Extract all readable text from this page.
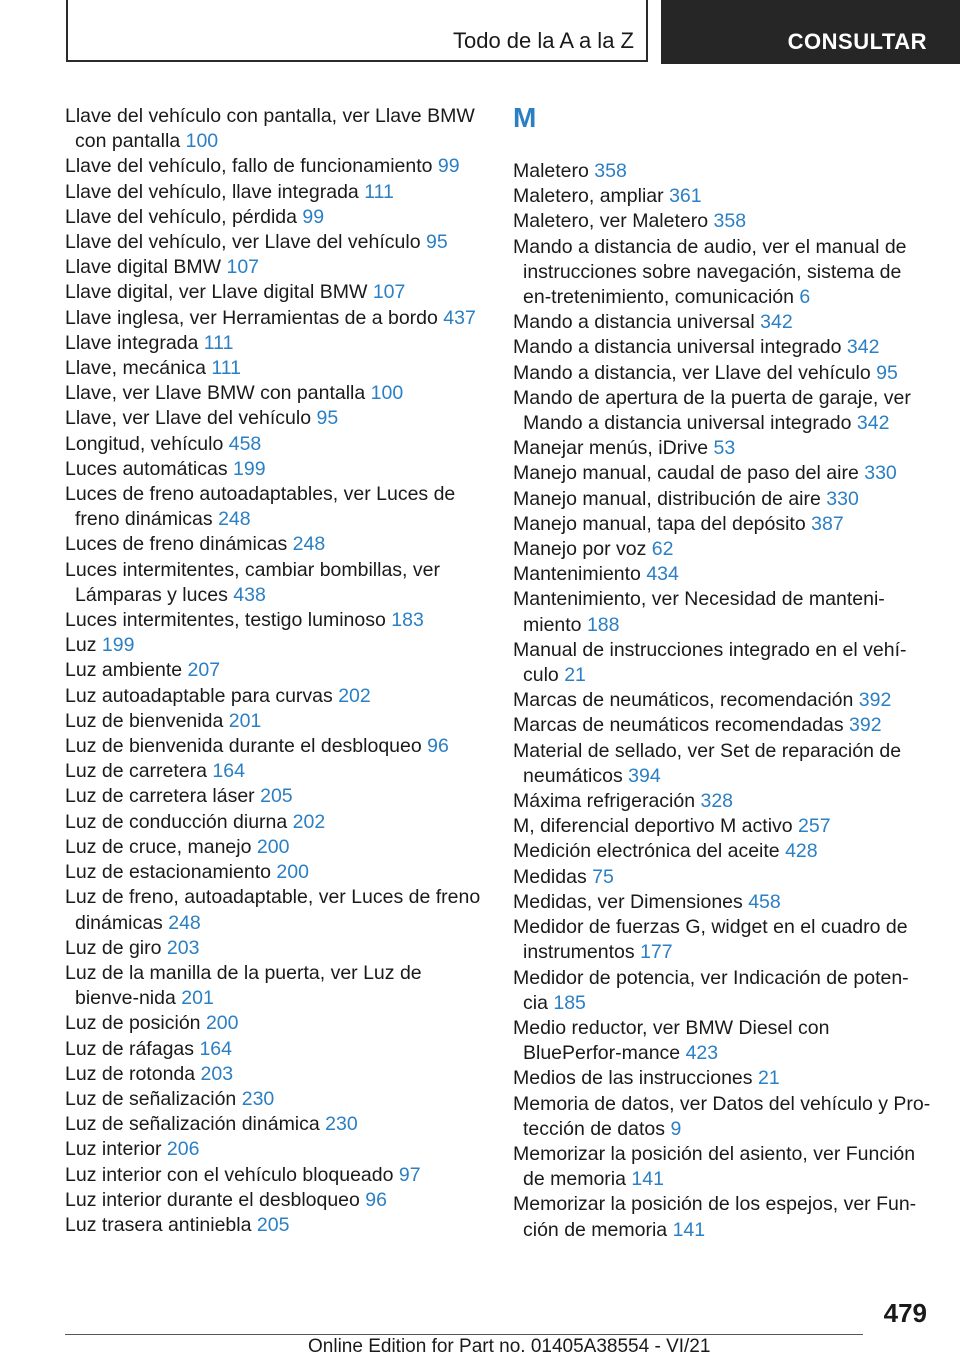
Todo de la A a la Z	CONSULTAR

Llave del vehículo con pantalla, ver Llave BMW con pantalla 100

Llave del vehículo, fallo de funcionamiento 99

Llave del vehículo, llave integrada 111

Llave del vehículo, pérdida 99

Llave del vehículo, ver Llave del vehículo 95

Llave digital BMW 107

Llave digital, ver Llave digital BMW 107

Llave inglesa, ver Herramientas de a bordo 437

Llave integrada 111

Llave, mecánica 111

Llave, ver Llave BMW con pantalla 100

Llave, ver Llave del vehículo 95

Longitud, vehículo 458

Luces automáticas 199

Luces de freno autoadaptables, ver Luces de freno dinámicas 248

Luces de freno dinámicas 248

Luces intermitentes, cambiar bombillas, ver Lámparas y luces 438

Luces intermitentes, testigo luminoso 183

Luz 199

Luz ambiente 207

Luz autoadaptable para curvas 202

Luz de bienvenida 201

Luz de bienvenida durante el desbloqueo 96

Luz de carretera 164

Luz de carretera láser 205

Luz de conducción diurna 202

Luz de cruce, manejo 200

Luz de estacionamiento 200

Luz de freno, autoadaptable, ver Luces de freno dinámicas 248

Luz de giro 203

Luz de la manilla de la puerta, ver Luz de bienve-nida 201

Luz de posición 200

Luz de ráfagas 164

Luz de rotonda 203

Luz de señalización 230

Luz de señalización dinámica 230

Luz interior 206

Luz interior con el vehículo bloqueado 97

Luz interior durante el desbloqueo 96

Luz trasera antiniebla 205

M

Maletero 358

Maletero, ampliar 361

Maletero, ver Maletero 358

Mando a distancia de audio, ver el manual de instrucciones sobre navegación, sistema de en-tretenimiento, comunicación 6

Mando a distancia universal 342

Mando a distancia universal integrado 342

Mando a distancia, ver Llave del vehículo 95

Mando de apertura de la puerta de garaje, ver Mando a distancia universal integrado 342

Manejar menús, iDrive 53

Manejo manual, caudal de paso del aire 330

Manejo manual, distribución de aire 330

Manejo manual, tapa del depósito 387

Manejo por voz 62

Mantenimiento 434

Mantenimiento, ver Necesidad de manteni-miento 188

Manual de instrucciones integrado en el vehí-culo 21

Marcas de neumáticos, recomendación 392

Marcas de neumáticos recomendadas 392

Material de sellado, ver Set de reparación de neumáticos 394

Máxima refrigeración 328

M, diferencial deportivo M activo 257

Medición electrónica del aceite 428

Medidas 75

Medidas, ver Dimensiones 458

Medidor de fuerzas G, widget en el cuadro de instrumentos 177

Medidor de potencia, ver Indicación de poten-cia 185

Medio reductor, ver BMW Diesel con BluePerfor-mance 423

Medios de las instrucciones 21

Memoria de datos, ver Datos del vehículo y Pro-tección de datos 9

Memorizar la posición del asiento, ver Función de memoria 141

Memorizar la posición de los espejos, ver Fun-ción de memoria 141

479
Online Edition for Part no. 01405A38554 - VI/21
